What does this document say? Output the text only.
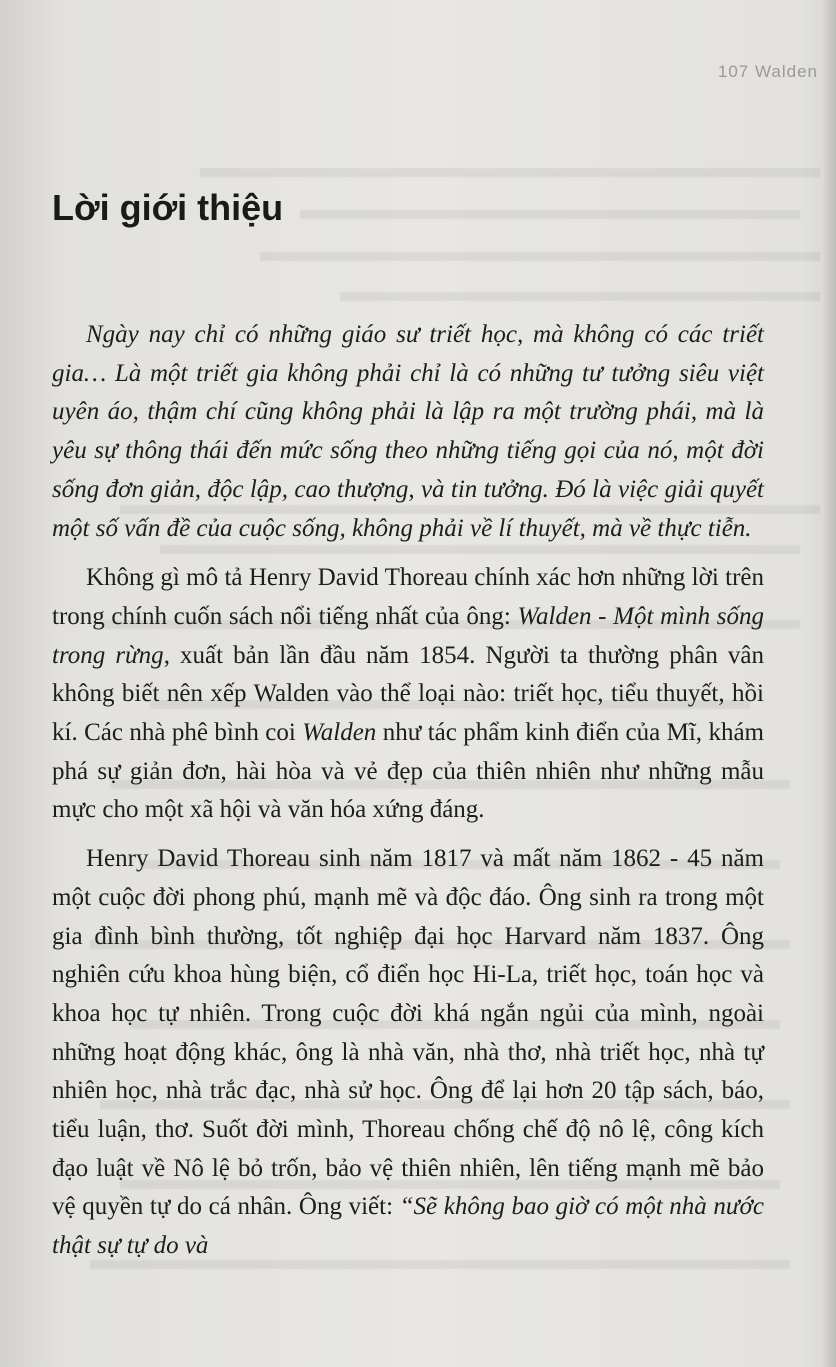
107 Walden
Lời giới thiệu

Ngày nay chỉ có những giáo sư triết học, mà không có các triết gia… Là một triết gia không phải chỉ là có những tư tưởng siêu việt uyên áo, thậm chí cũng không phải là lập ra một trường phái, mà là yêu sự thông thái đến mức sống theo những tiếng gọi của nó, một đời sống đơn giản, độc lập, cao thượng, và tin tưởng. Đó là việc giải quyết một số vấn đề của cuộc sống, không phải về lí thuyết, mà về thực tiễn.

Không gì mô tả Henry David Thoreau chính xác hơn những lời trên trong chính cuốn sách nổi tiếng nhất của ông: Walden - Một mình sống trong rừng, xuất bản lần đầu năm 1854. Người ta thường phân vân không biết nên xếp Walden vào thể loại nào: triết học, tiểu thuyết, hồi kí. Các nhà phê bình coi Walden như tác phẩm kinh điển của Mĩ, khám phá sự giản đơn, hài hòa và vẻ đẹp của thiên nhiên như những mẫu mực cho một xã hội và văn hóa xứng đáng.

Henry David Thoreau sinh năm 1817 và mất năm 1862 - 45 năm một cuộc đời phong phú, mạnh mẽ và độc đáo. Ông sinh ra trong một gia đình bình thường, tốt nghiệp đại học Harvard năm 1837. Ông nghiên cứu khoa hùng biện, cổ điển học Hi-La, triết học, toán học và khoa học tự nhiên. Trong cuộc đời khá ngắn ngủi của mình, ngoài những hoạt động khác, ông là nhà văn, nhà thơ, nhà triết học, nhà tự nhiên học, nhà trắc đạc, nhà sử học. Ông để lại hơn 20 tập sách, báo, tiểu luận, thơ. Suốt đời mình, Thoreau chống chế độ nô lệ, công kích đạo luật về Nô lệ bỏ trốn, bảo vệ thiên nhiên, lên tiếng mạnh mẽ bảo vệ quyền tự do cá nhân. Ông viết: “Sẽ không bao giờ có một nhà nước thật sự tự do và
